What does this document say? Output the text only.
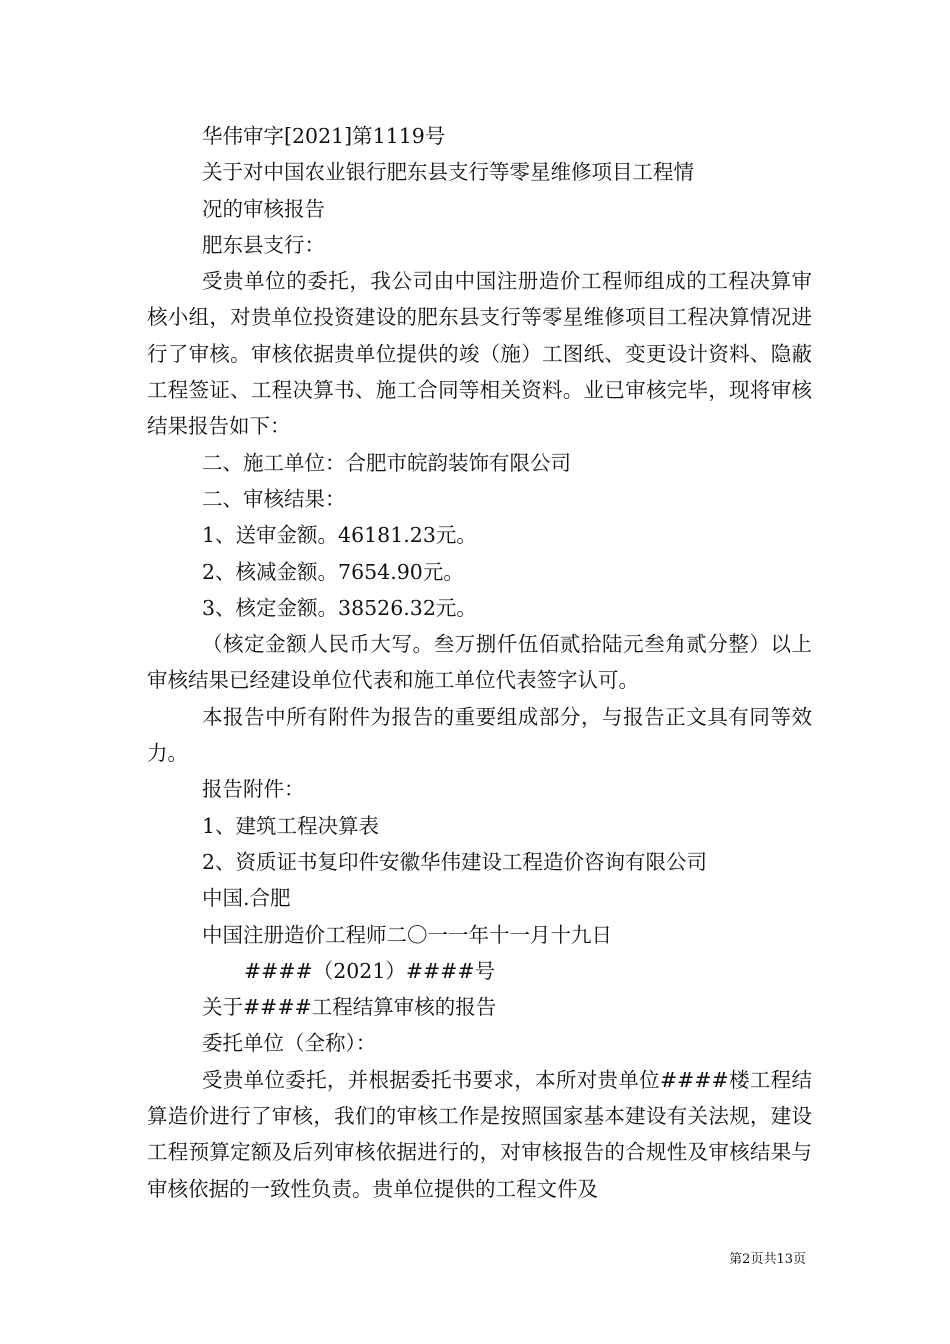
华伟审字[2021]第1119号
关于对中国农业银行肥东县支行等零星维修项目工程情
况的审核报告
肥东县支行：
受贵单位的委托，我公司由中国注册造价工程师组成的工程决算审核小组，对贵单位投资建设的肥东县支行等零星维修项目工程决算情况进行了审核。审核依据贵单位提供的竣（施）工图纸、变更设计资料、隐蔽工程签证、工程决算书、施工合同等相关资料。业已审核完毕，现将审核结果报告如下：
二、施工单位：合肥市皖韵装饰有限公司
二、审核结果：
1、送审金额。46181.23元。
2、核减金额。7654.90元。
3、核定金额。38526.32元。
（核定金额人民币大写。叁万捌仟伍佰贰拾陆元叁角贰分整）以上审核结果已经建设单位代表和施工单位代表签字认可。
本报告中所有附件为报告的重要组成部分，与报告正文具有同等效力。
报告附件：
1、建筑工程决算表
2、资质证书复印件安徽华伟建设工程造价咨询有限公司
中国.合肥
中国注册造价工程师二〇一一年十一月十九日
####（2021）####号
关于####工程结算审核的报告
委托单位（全称）：
受贵单位委托，并根据委托书要求，本所对贵单位####楼工程结算造价进行了审核，我们的审核工作是按照国家基本建设有关法规，建设工程预算定额及后列审核依据进行的，对审核报告的合规性及审核结果与审核依据的一致性负责。贵单位提供的工程文件及
第2页共13页
